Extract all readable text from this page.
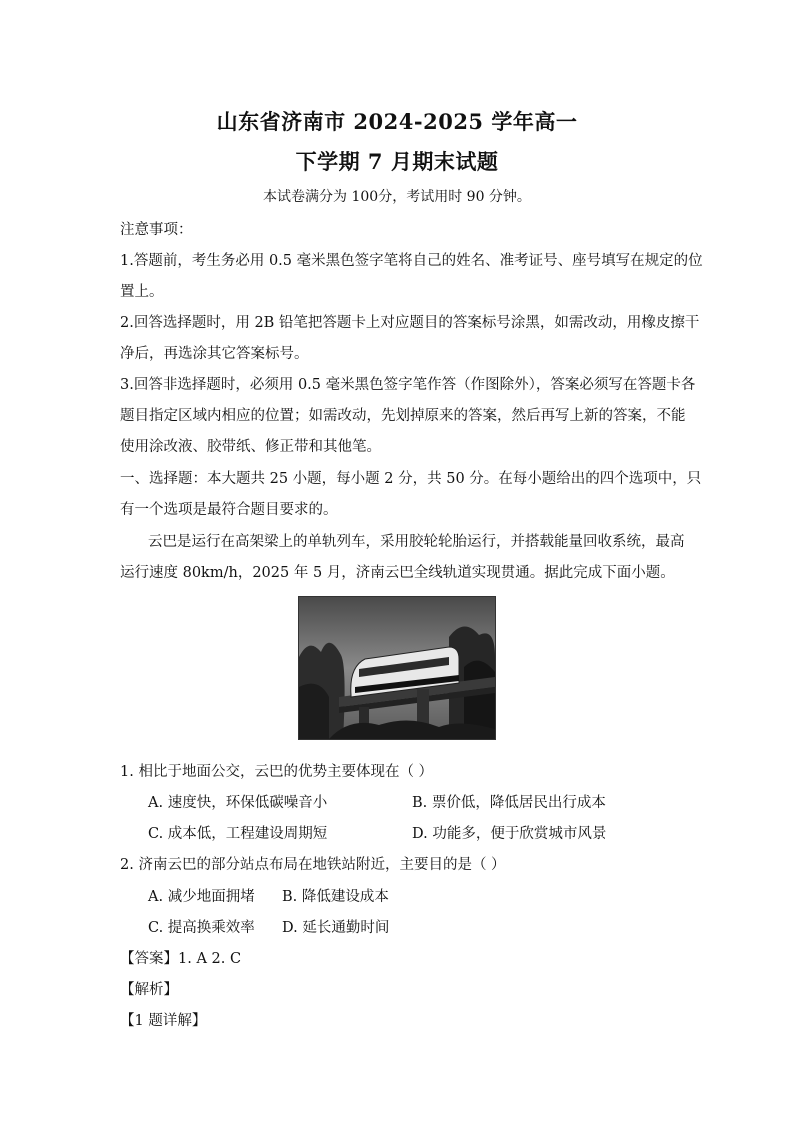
山东省济南市 2024-2025 学年高一
下学期 7 月期末试题
本试卷满分为 100分，考试用时 90 分钟。
注意事项：
1.答题前，考生务必用 0.5 毫米黑色签字笔将自己的姓名、准考证号、座号填写在规定的位
置上。
2.回答选择题时，用 2B 铅笔把答题卡上对应题目的答案标号涂黑，如需改动，用橡皮擦干
净后，再选涂其它答案标号。
3.回答非选择题时，必须用 0.5 毫米黑色签字笔作答（作图除外），答案必须写在答题卡各
题目指定区域内相应的位置；如需改动，先划掉原来的答案，然后再写上新的答案，不能
使用涂改液、胶带纸、修正带和其他笔。
一、选择题：本大题共 25 小题，每小题 2 分，共 50 分。在每小题给出的四个选项中，只
有一个选项是最符合题目要求的。
云巴是运行在高架梁上的单轨列车，采用胶轮轮胎运行，并搭载能量回收系统，最高
运行速度 80km/h，2025 年 5 月，济南云巴全线轨道实现贯通。据此完成下面小题。
1. 相比于地面公交，云巴的优势主要体现在（ ）
A. 速度快，环保低碳噪音小	B. 票价低，降低居民出行成本
C. 成本低，工程建设周期短	D. 功能多，便于欣赏城市风景
2. 济南云巴的部分站点布局在地铁站附近，主要目的是（ ）
A. 减少地面拥堵 B. 降低建设成本
C. 提高换乘效率 D. 延长通勤时间
【答案】1. A 2. C
【解析】
【1 题详解】
